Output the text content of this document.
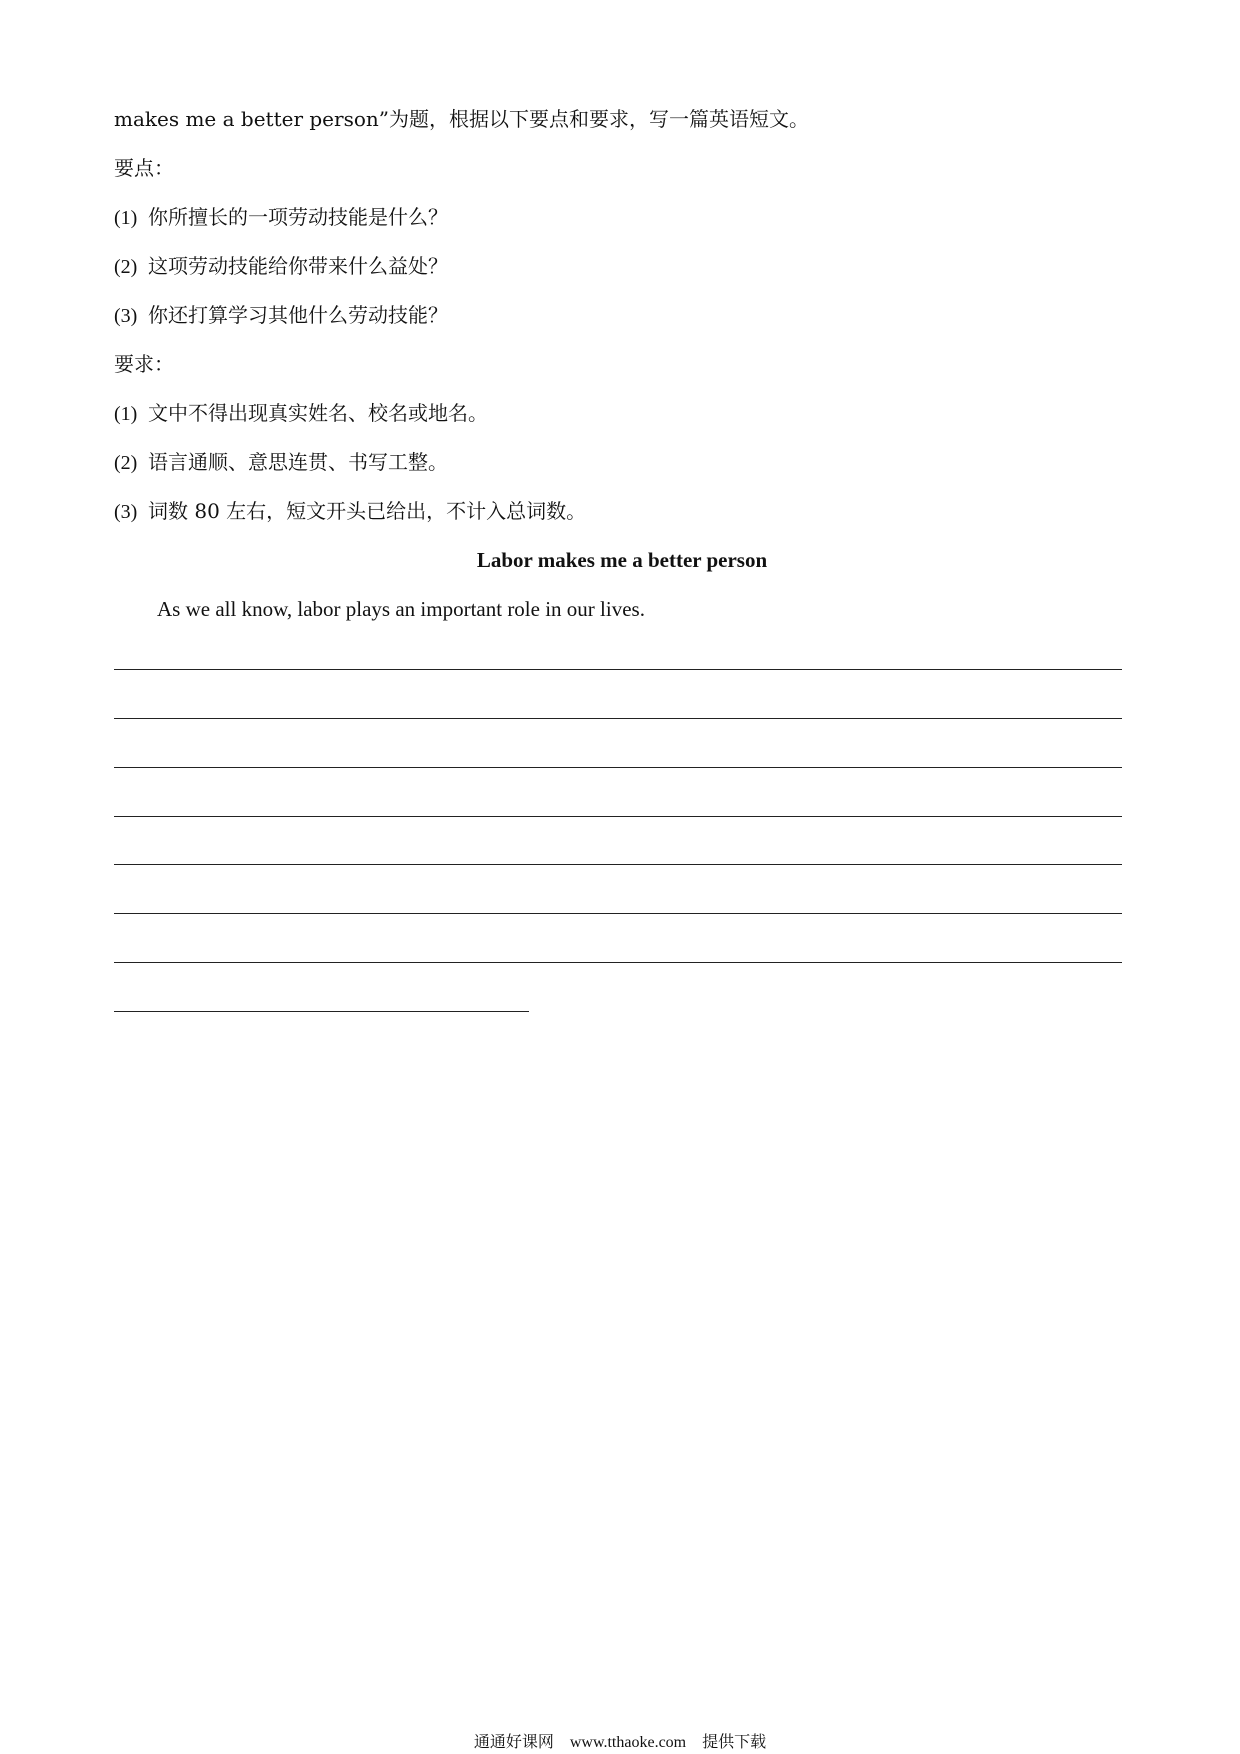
makes me a better person”为题，根据以下要点和要求，写一篇英语短文。
要点：
(1) 你所擅长的一项劳动技能是什么？
(2) 这项劳动技能给你带来什么益处？
(3) 你还打算学习其他什么劳动技能？
要求：
(1) 文中不得出现真实姓名、校名或地名。
(2) 语言通顺、意思连贯、书写工整。
(3) 词数 80 左右，短文开头已给出，不计入总词数。
Labor makes me a better person
As we all know, labor plays an important role in our lives.
通通好课网 www.tthaoke.com 提供下载
